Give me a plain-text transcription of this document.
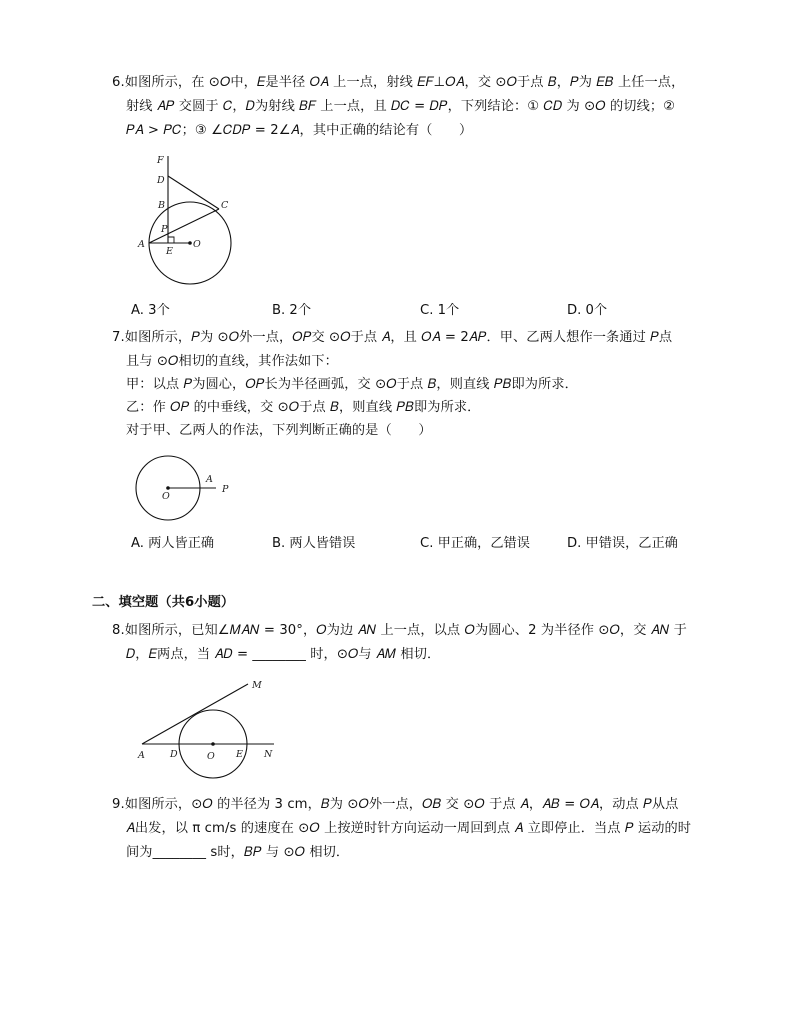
6.如图所示，在 ⊙𝑂中，𝐸是半径 𝑂𝐴 上一点，射线 𝐸𝐹⊥𝑂𝐴，交 ⊙𝑂于点 𝐵，𝑃为 𝐸𝐵 上任一点，
射线 𝐴𝑃 交圆于 𝐶，𝐷为射线 𝐵𝐹 上一点，且 𝐷𝐶 = 𝐷𝑃，下列结论：① 𝐶𝐷 为 ⊙𝑂 的切线；②
𝑃𝐴 > 𝑃𝐶；③ ∠𝐶𝐷𝑃 = 2∠𝐴，其中正确的结论有（　　）
F
D
B	C
P
A
E
O
A. 3个	B. 2个	C. 1个	D. 0个
7.如图所示，𝑃为 ⊙𝑂外一点，𝑂𝑃交 ⊙𝑂于点 𝐴，且 𝑂𝐴 = 2𝐴𝑃．甲、乙两人想作一条通过 𝑃点
且与 ⊙𝑂相切的直线，其作法如下：
甲：以点 𝑃为圆心，𝑂𝑃长为半径画弧，交 ⊙𝑂于点 𝐵，则直线 𝑃𝐵即为所求．
乙：作 𝑂𝑃 的中垂线，交 ⊙𝑂于点 𝐵，则直线 𝑃𝐵即为所求．
对于甲、乙两人的作法，下列判断正确的是（　　）
O
A
P
A. 两人皆正确	B. 两人皆错误	C. 甲正确，乙错误	D. 甲错误，乙正确
二、填空题（共6小题）
8.如图所示，已知∠𝑀𝐴𝑁 = 30°，𝑂为边 𝐴𝑁 上一点，以点 𝑂为圆心、2 为半径作 ⊙𝑂，交 𝐴𝑁 于
𝐷，𝐸两点，当 𝐴𝐷 = ________ 时，⊙𝑂与 𝐴𝑀 相切．
M
A	D	O E N
9.如图所示，⊙𝑂 的半径为 3 cm，𝐵为 ⊙𝑂外一点，𝑂𝐵 交 ⊙𝑂 于点 𝐴，𝐴𝐵 = 𝑂𝐴，动点 𝑃从点
𝐴出发，以 π cm/s 的速度在 ⊙𝑂 上按逆时针方向运动一周回到点 𝐴 立即停止．当点 𝑃 运动的时
间为________ s时，𝐵𝑃 与 ⊙𝑂 相切．
